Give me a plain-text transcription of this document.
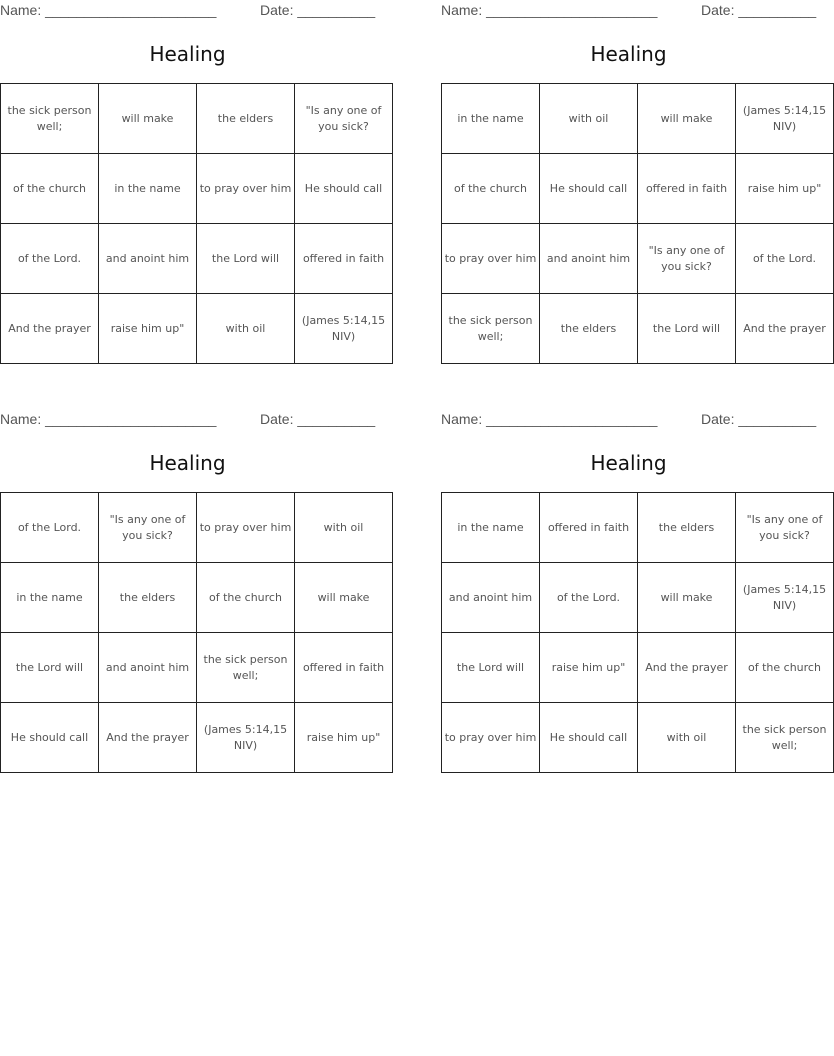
Name: ______________________	Date: __________
Healing
the sick person well;	will make	the elders	"Is any one of you sick?
of the church	in the name	to pray over him	He should call
of the Lord.	and anoint him	the Lord will	offered in faith
And the prayer	raise him up"	with oil	(James 5:14,15 NIV)
Name: ______________________	Date: __________
Healing
in the name	with oil	will make	(James 5:14,15 NIV)
of the church	He should call	offered in faith	raise him up"
to pray over him	and anoint him	"Is any one of you sick?	of the Lord.
the sick person well;	the elders	the Lord will	And the prayer
Name: ______________________	Date: __________
Healing
of the Lord.	"Is any one of you sick?	to pray over him	with oil
in the name	the elders	of the church	will make
the Lord will	and anoint him	the sick person well;	offered in faith
He should call	And the prayer	(James 5:14,15 NIV)	raise him up"
Name: ______________________	Date: __________
Healing
in the name	offered in faith	the elders	"Is any one of you sick?
and anoint him	of the Lord.	will make	(James 5:14,15 NIV)
the Lord will	raise him up"	And the prayer	of the church
to pray over him	He should call	with oil	the sick person well;
